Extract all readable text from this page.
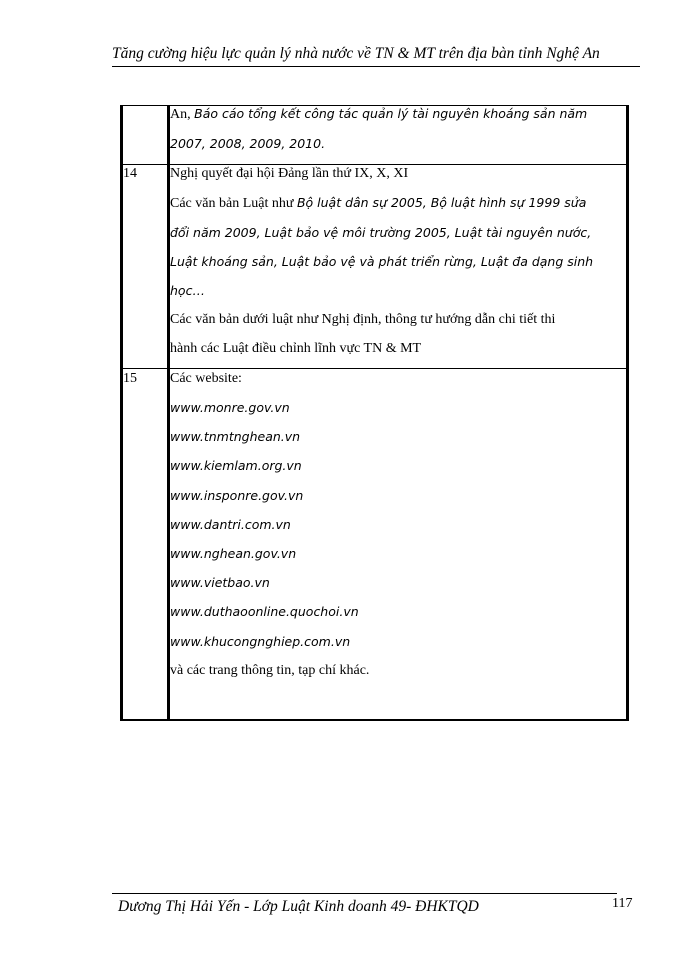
Tăng cường hiệu lực quản lý nhà nước về TN & MT trên địa bàn tỉnh Nghệ An
An, Báo cáo tổng kết công tác quản lý tài nguyên khoáng sản năm
2007, 2008, 2009, 2010.
14 Nghị quyết đại hội Đảng lần thứ IX, X, XI
Các văn bản Luật như Bộ luật dân sự 2005, Bộ luật hình sự 1999 sửa
đổi năm 2009, Luật bảo vệ môi trường 2005, Luật tài nguyên nước,
Luật khoáng sản, Luật bảo vệ và phát triển rừng, Luật đa dạng sinh
học…
Các văn bản dưới luật như Nghị định, thông tư hướng dẫn chi tiết thi
hành các Luật điều chỉnh lĩnh vực TN & MT
15 Các website:
www.monre.gov.vn
www.tnmtnghean.vn
www.kiemlam.org.vn
www.insponre.gov.vn
www.dantri.com.vn
www.nghean.gov.vn
www.vietbao.vn
www.duthaoonline.quochoi.vn
www.khucongnghiep.com.vn
và các trang thông tin, tạp chí khác.
Dương Thị Hải Yến - Lớp Luật Kinh doanh 49- ĐHKTQD	117
